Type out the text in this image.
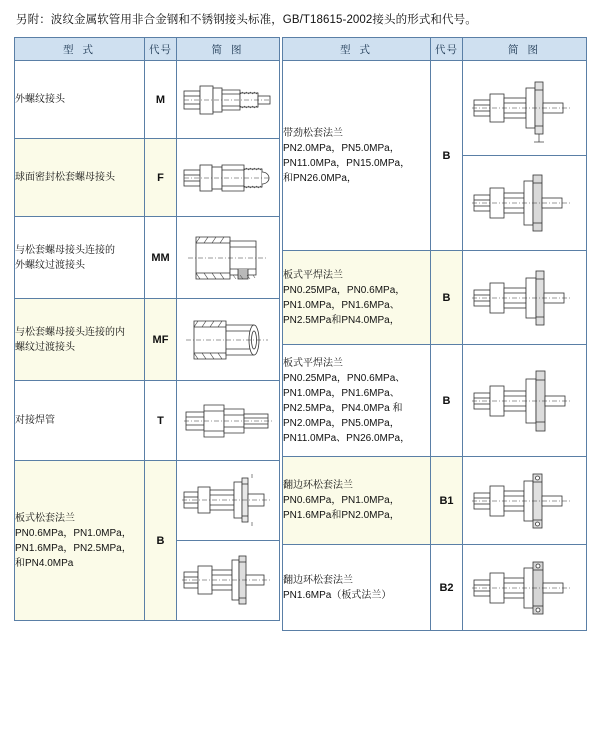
另附：波纹金属软管用非合金钢和不锈钢接头标准，GB/T18615-2002接头的形式和代号。
型 式	代号	简 图

外螺纹接头	M	

球面密封松套螺母接头	F	

与松套螺母接头连接的
外螺纹过渡接头	MM	

与松套螺母接头连接的内
螺纹过渡接头	MF	

对接焊管	T	

板式松套法兰
PN0.6MPa，PN1.0MPa，
PN1.6MPa，PN2.5MPa，
和PN4.0MPa	B	
型 式	代号	简 图

带劲松套法兰
PN2.0MPa，PN5.0MPa，
PN11.0MPa，PN15.0MPa，
和PN26.0MPa，	B	

板式平焊法兰
PN0.25MPa，PN0.6MPa，
PN1.0MPa，PN1.6MPa、
PN2.5MPa和PN4.0MPa，	B	

板式平焊法兰
PN0.25MPa，PN0.6MPa、
PN1.0MPa，PN1.6MPa、
PN2.5MPa，PN4.0MPa 和
PN2.0MPa，PN5.0MPa，
PN11.0MPa、PN26.0MPa，
	B	

翻边环松套法兰
PN0.6MPa，PN1.0MPa，
PN1.6MPa和PN2.0MPa，	B1	

翻边环松套法兰
PN1.6MPa（板式法兰）	B2	
